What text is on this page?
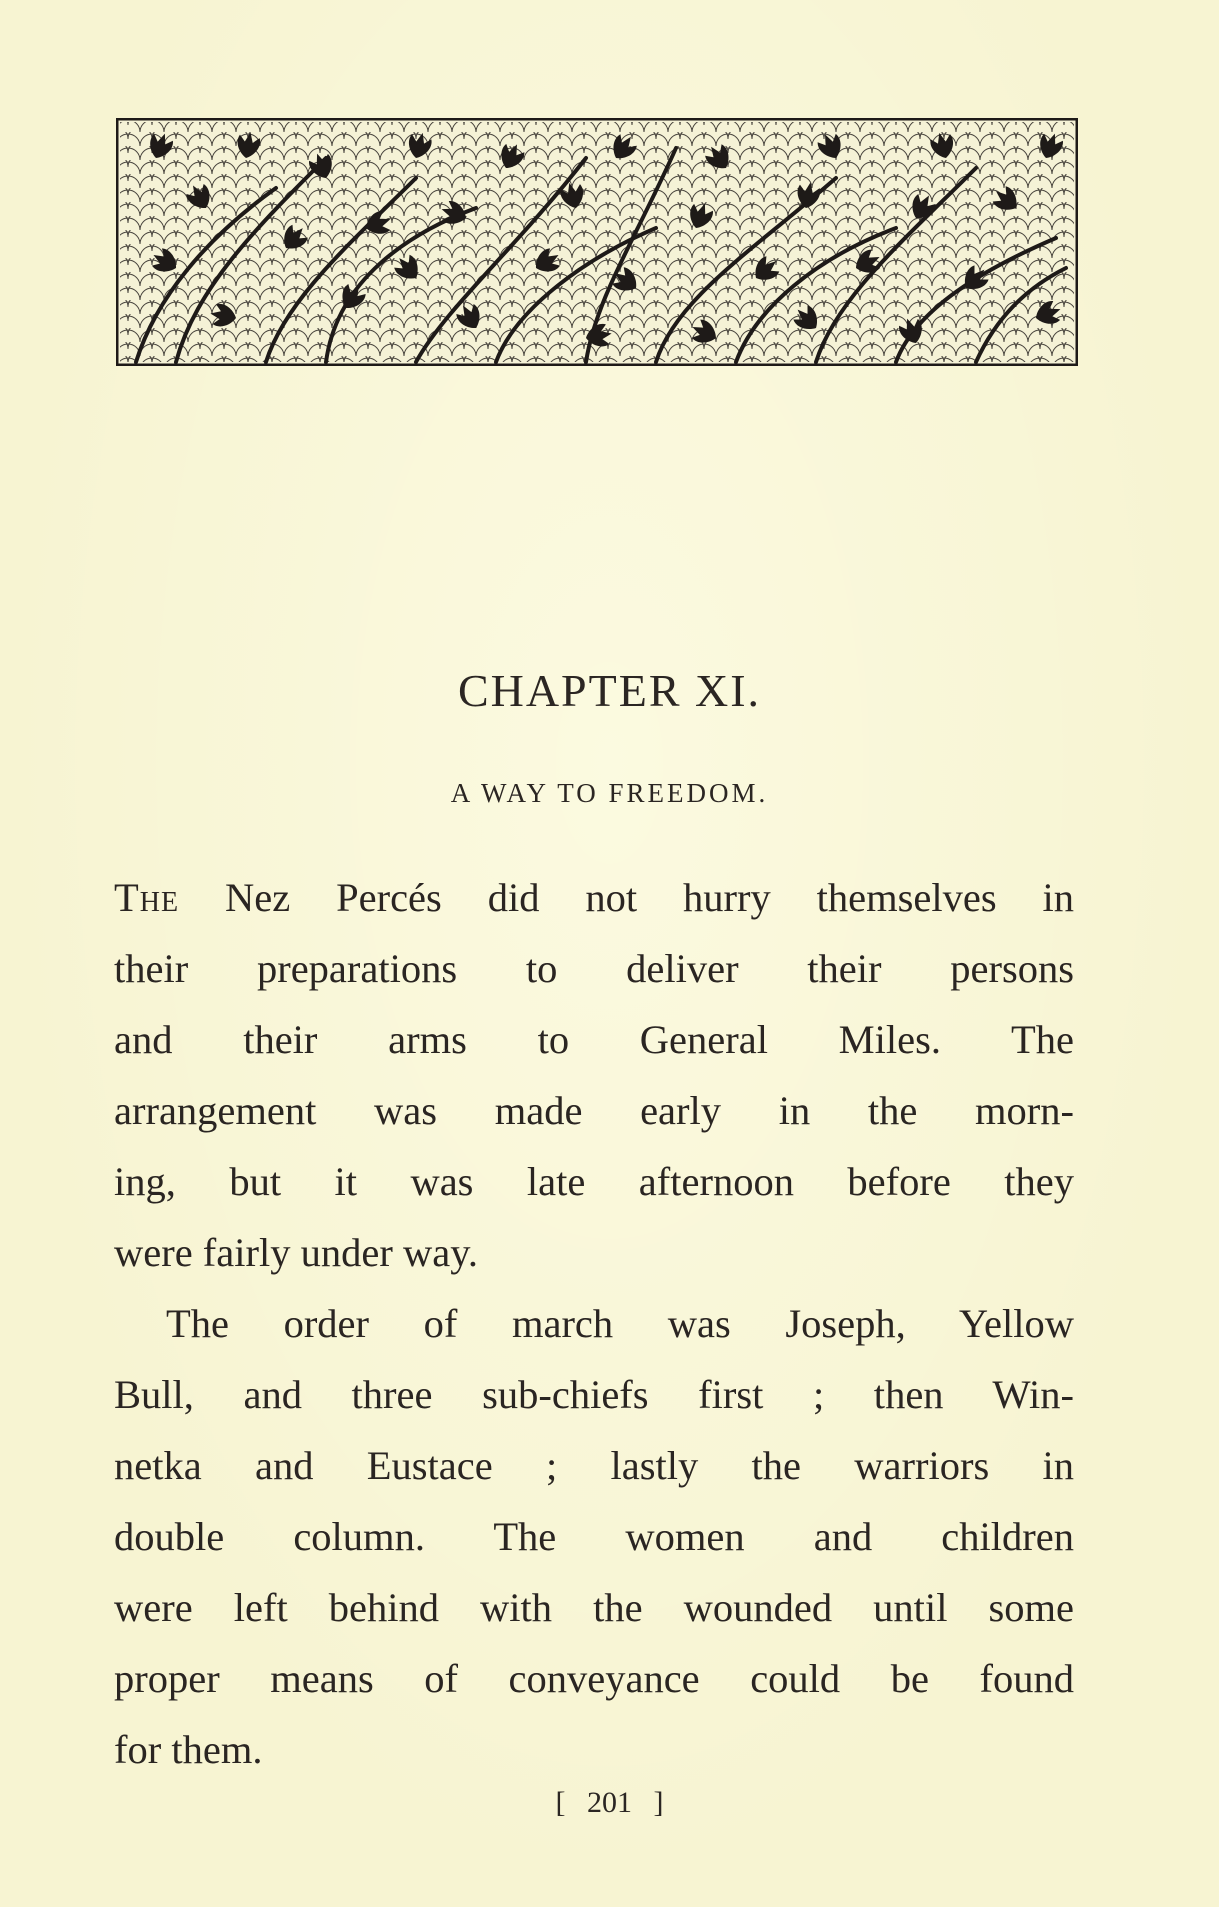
CHAPTER XI.
A WAY TO FREEDOM.
The Nez Percés did not hurry themselves in
their preparations to deliver their persons
and their arms to General Miles. The
arrangement was made early in the morn-
ing, but it was late afternoon before they
were fairly under way.
The order of march was Joseph, Yellow
Bull, and three sub-chiefs first ; then Win-
netka and Eustace ; lastly the warriors in
double column. The women and children
were left behind with the wounded until some
proper means of conveyance could be found
for them.
[ 201 ]
